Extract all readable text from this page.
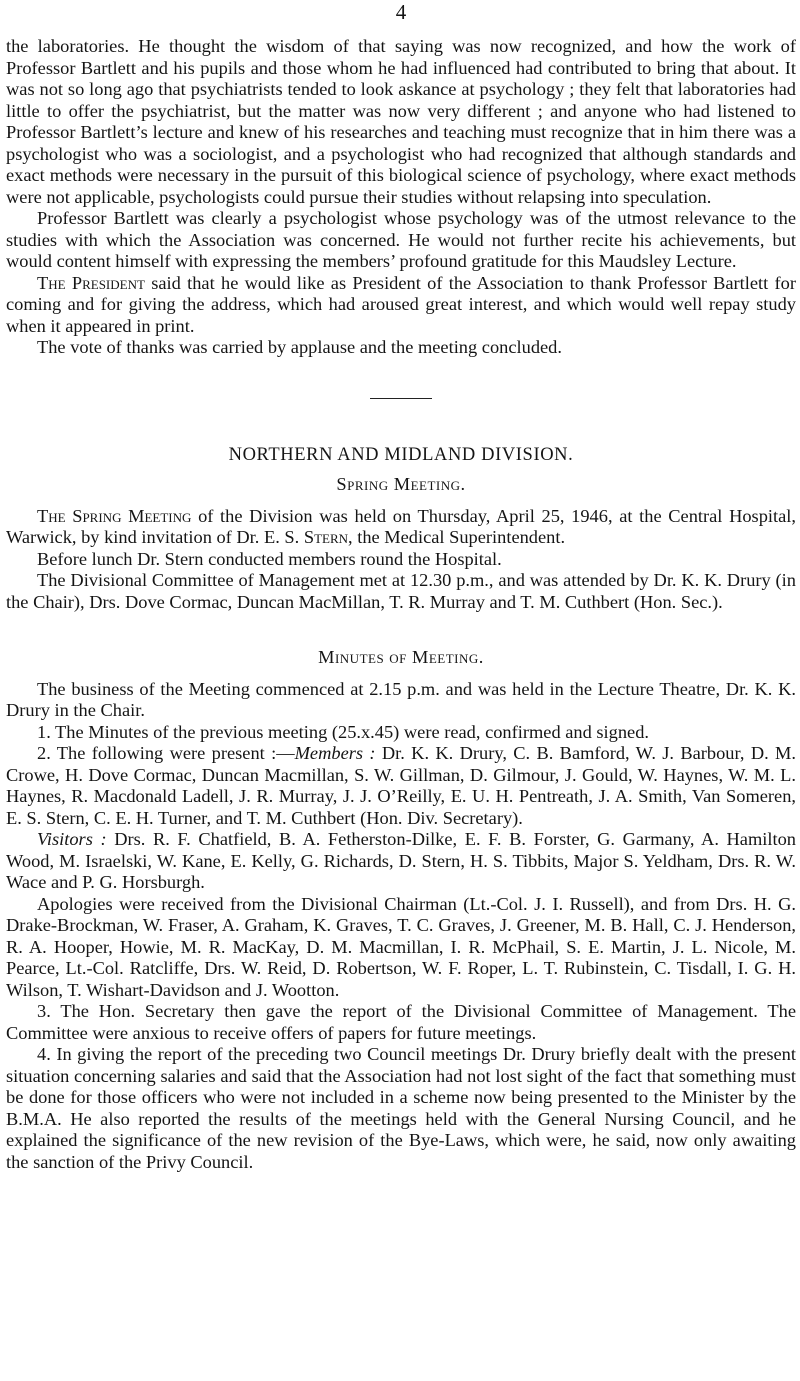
4

the laboratories. He thought the wisdom of that saying was now recognized, and how the work of Professor Bartlett and his pupils and those whom he had influenced had contributed to bring that about. It was not so long ago that psychiatrists tended to look askance at psychology ; they felt that laboratories had little to offer the psychiatrist, but the matter was now very different ; and anyone who had listened to Professor Bartlett’s lecture and knew of his researches and teaching must recognize that in him there was a psychologist who was a sociologist, and a psychologist who had recognized that although standards and exact methods were necessary in the pursuit of this biological science of psychology, where exact methods were not applicable, psychologists could pursue their studies without relapsing into speculation.

Professor Bartlett was clearly a psychologist whose psychology was of the utmost relevance to the studies with which the Association was concerned. He would not further recite his achievements, but would content himself with expressing the members’ profound gratitude for this Maudsley Lecture.

The President said that he would like as President of the Association to thank Professor Bartlett for coming and for giving the address, which had aroused great interest, and which would well repay study when it appeared in print.

The vote of thanks was carried by applause and the meeting concluded.

NORTHERN AND MIDLAND DIVISION.
Spring Meeting.

The Spring Meeting of the Division was held on Thursday, April 25, 1946, at the Central Hospital, Warwick, by kind invitation of Dr. E. S. Stern, the Medical Superintendent.

Before lunch Dr. Stern conducted members round the Hospital.

The Divisional Committee of Management met at 12.30 p.m., and was attended by Dr. K. K. Drury (in the Chair), Drs. Dove Cormac, Duncan MacMillan, T. R. Murray and T. M. Cuthbert (Hon. Sec.).

Minutes of Meeting.

The business of the Meeting commenced at 2.15 p.m. and was held in the Lecture Theatre, Dr. K. K. Drury in the Chair.

1. The Minutes of the previous meeting (25.x.45) were read, confirmed and signed.

2. The following were present :—Members : Dr. K. K. Drury, C. B. Bamford, W. J. Barbour, D. M. Crowe, H. Dove Cormac, Duncan Macmillan, S. W. Gillman, D. Gilmour, J. Gould, W. Haynes, W. M. L. Haynes, R. Macdonald Ladell, J. R. Murray, J. J. O’Reilly, E. U. H. Pentreath, J. A. Smith, Van Someren, E. S. Stern, C. E. H. Turner, and T. M. Cuthbert (Hon. Div. Secretary).

Visitors : Drs. R. F. Chatfield, B. A. Fetherston-Dilke, E. F. B. Forster, G. Garmany, A. Hamilton Wood, M. Israelski, W. Kane, E. Kelly, G. Richards, D. Stern, H. S. Tibbits, Major S. Yeldham, Drs. R. W. Wace and P. G. Horsburgh.

Apologies were received from the Divisional Chairman (Lt.-Col. J. I. Russell), and from Drs. H. G. Drake-Brockman, W. Fraser, A. Graham, K. Graves, T. C. Graves, J. Greener, M. B. Hall, C. J. Henderson, R. A. Hooper, Howie, M. R. MacKay, D. M. Macmillan, I. R. McPhail, S. E. Martin, J. L. Nicole, M. Pearce, Lt.-Col. Ratcliffe, Drs. W. Reid, D. Robertson, W. F. Roper, L. T. Rubinstein, C. Tisdall, I. G. H. Wilson, T. Wishart-Davidson and J. Wootton.

3. The Hon. Secretary then gave the report of the Divisional Committee of Management. The Committee were anxious to receive offers of papers for future meetings.

4. In giving the report of the preceding two Council meetings Dr. Drury briefly dealt with the present situation concerning salaries and said that the Association had not lost sight of the fact that something must be done for those officers who were not included in a scheme now being presented to the Minister by the B.M.A. He also reported the results of the meetings held with the General Nursing Council, and he explained the significance of the new revision of the Bye-Laws, which were, he said, now only awaiting the sanction of the Privy Council.
